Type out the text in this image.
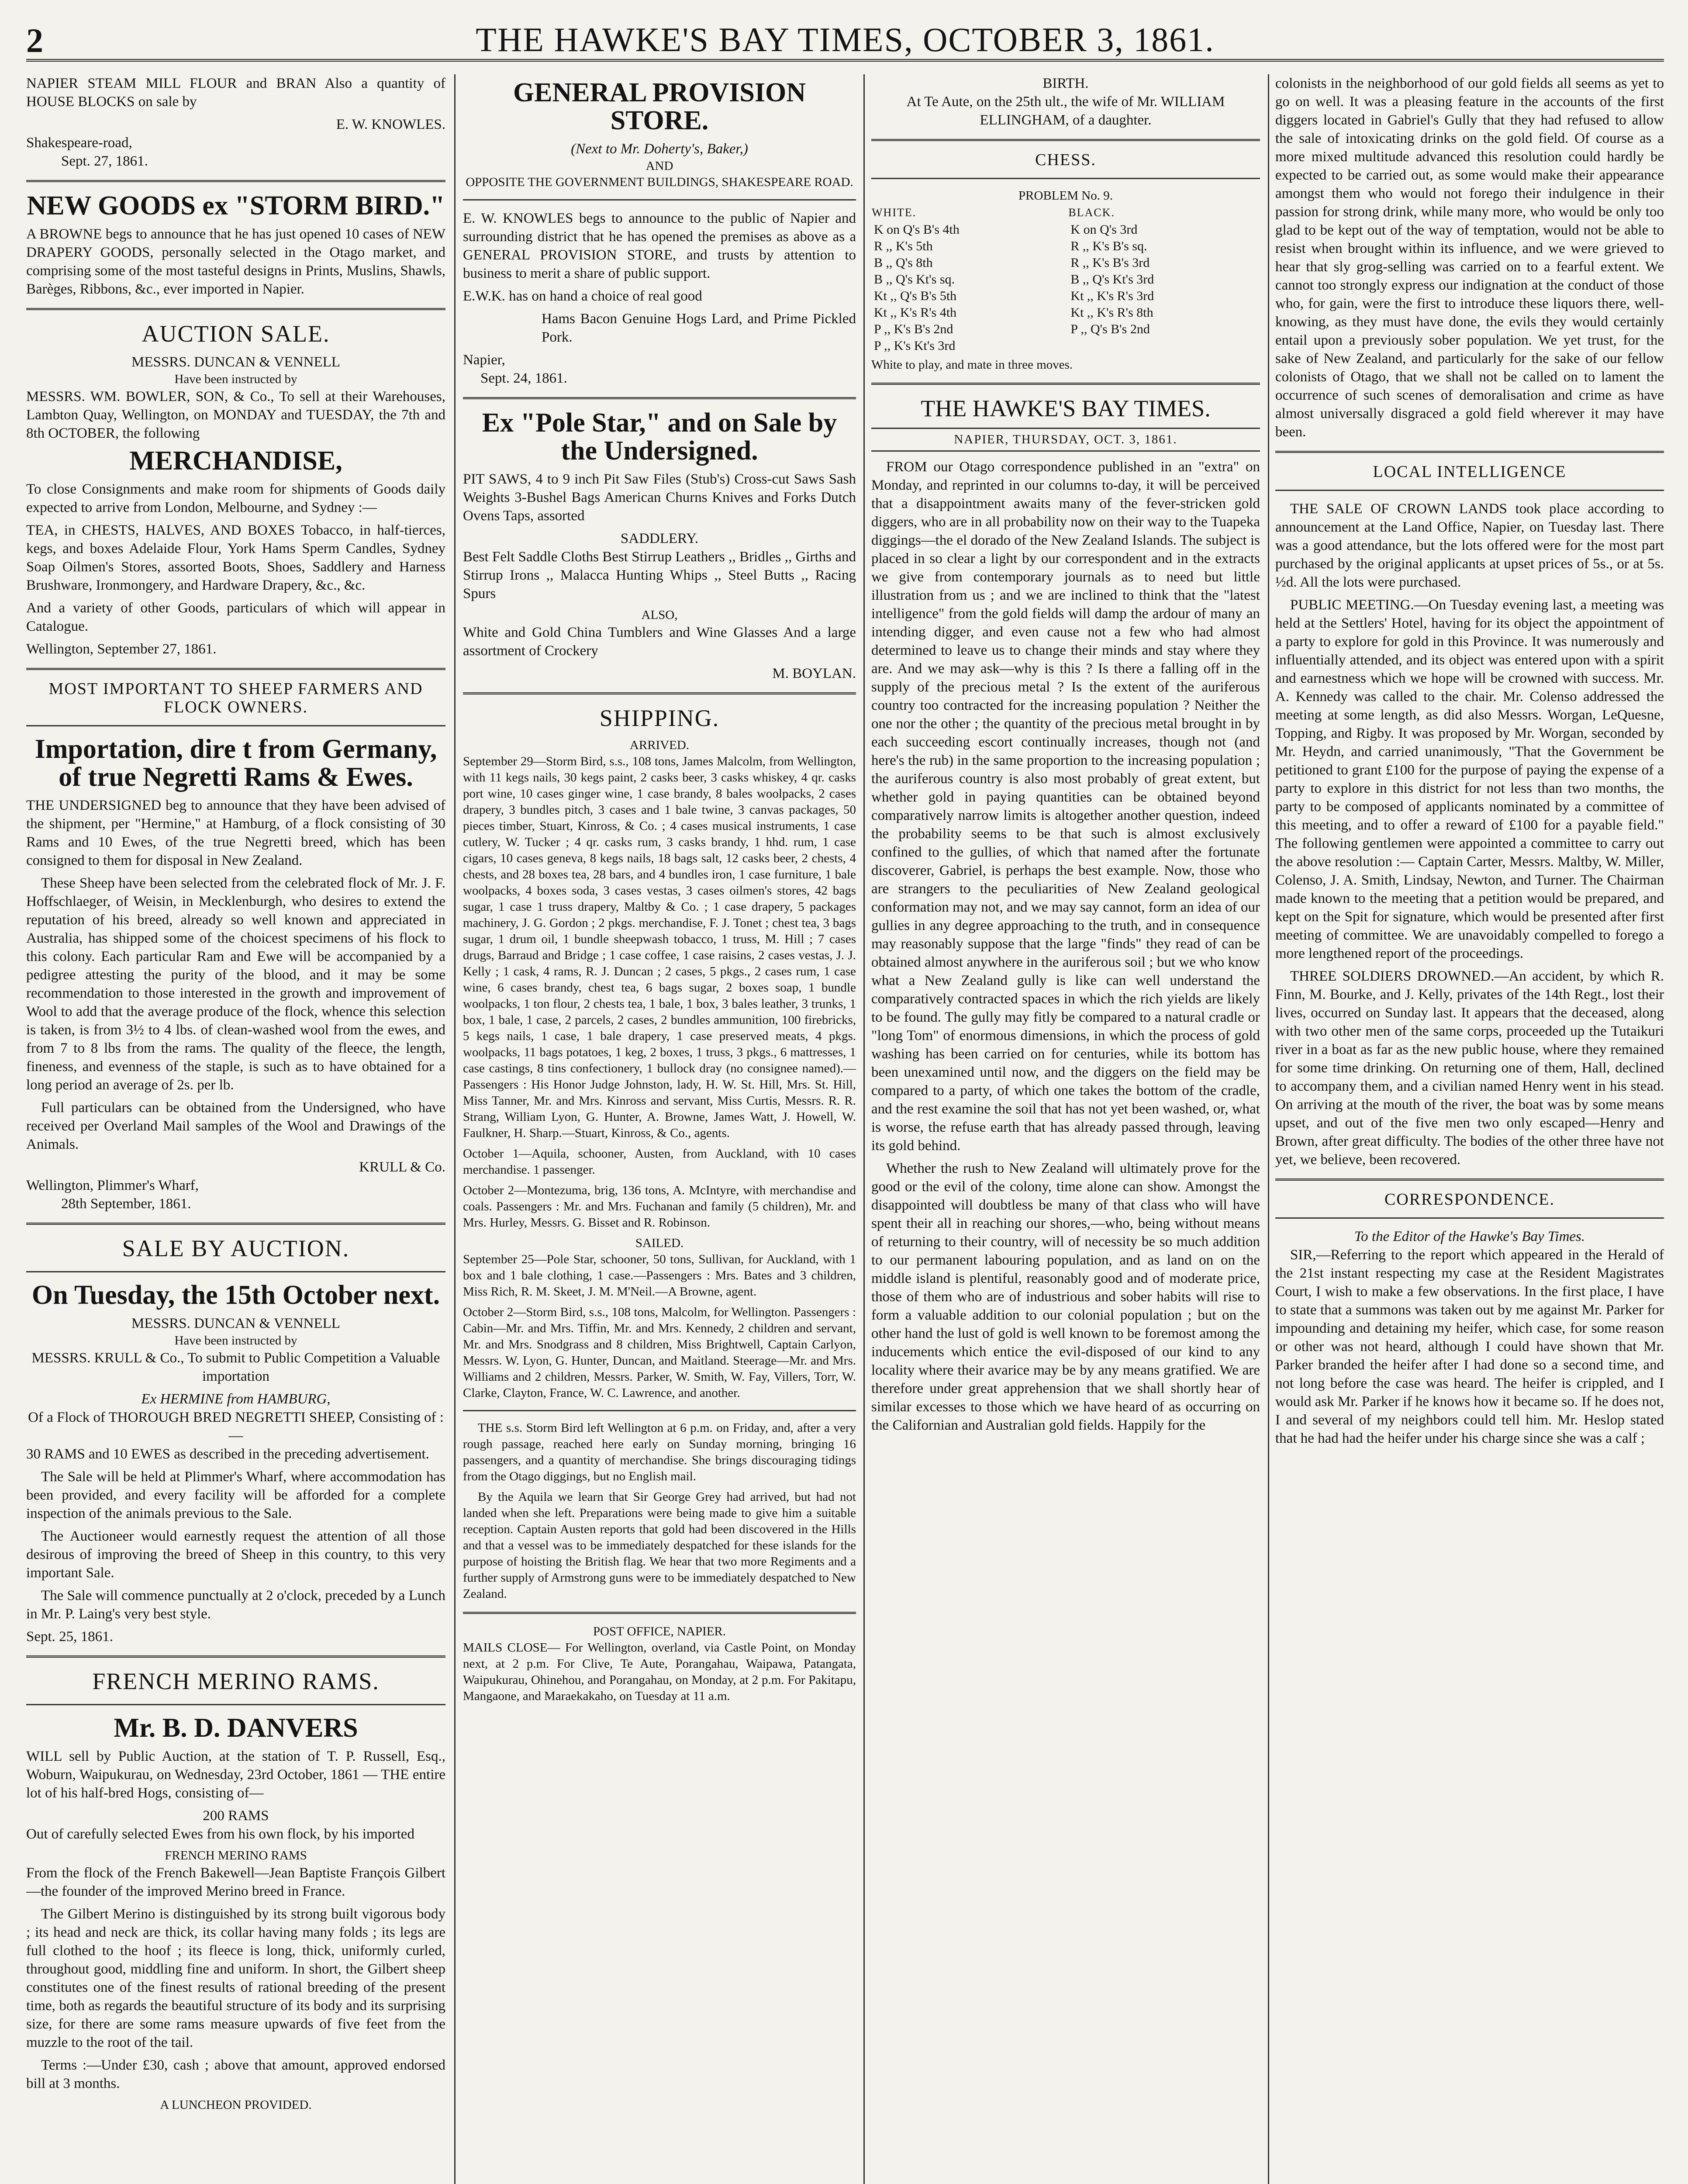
2	THE HAWKE'S BAY TIMES, OCTOBER 3, 1861.

NAPIER STEAM MILL FLOUR and BRAN Also a quantity of HOUSE BLOCKS on sale by

E. W. KNOWLES.
Shakespeare-road,
Sept. 27, 1861.
NEW GOODS ex "STORM BIRD."

A BROWNE begs to announce that he has just opened 10 cases of NEW DRAPERY GOODS, personally selected in the Otago market, and comprising some of the most tasteful designs in Prints, Muslins, Shawls, Barèges, Ribbons, &c., ever imported in Napier.

AUCTION SALE.
MESSRS. DUNCAN & VENNELL
Have been instructed by

MESSRS. WM. BOWLER, SON, & Co., To sell at their Warehouses, Lambton Quay, Wellington, on MONDAY and TUESDAY, the 7th and 8th OCTOBER, the following

MERCHANDISE,

To close Consignments and make room for shipments of Goods daily expected to arrive from London, Melbourne, and Sydney :—

TEA, in CHESTS, HALVES, AND BOXES Tobacco, in half-tierces, kegs, and boxes Adelaide Flour, York Hams Sperm Candles, Sydney Soap Oilmen's Stores, assorted Boots, Shoes, Saddlery and Harness Brushware, Ironmongery, and Hardware Drapery, &c., &c.

And a variety of other Goods, particulars of which will appear in Catalogue.

Wellington, September 27, 1861.
MOST IMPORTANT TO SHEEP FARMERS AND FLOCK OWNERS.
Importation, dire t from Germany, of true Negretti Rams & Ewes.

THE UNDERSIGNED beg to announce that they have been advised of the shipment, per "Hermine," at Hamburg, of a flock consisting of 30 Rams and 10 Ewes, of the true Negretti breed, which has been consigned to them for disposal in New Zealand.

These Sheep have been selected from the celebrated flock of Mr. J. F. Hoffschlaeger, of Weisin, in Mecklenburgh, who desires to extend the reputation of his breed, already so well known and appreciated in Australia, has shipped some of the choicest specimens of his flock to this colony. Each particular Ram and Ewe will be accompanied by a pedigree attesting the purity of the blood, and it may be some recommendation to those interested in the growth and improvement of Wool to add that the average produce of the flock, whence this selection is taken, is from 3½ to 4 lbs. of clean-washed wool from the ewes, and from 7 to 8 lbs from the rams. The quality of the fleece, the length, fineness, and evenness of the staple, is such as to have obtained for a long period an average of 2s. per lb.

Full particulars can be obtained from the Undersigned, who have received per Overland Mail samples of the Wool and Drawings of the Animals.

KRULL & Co.
Wellington, Plimmer's Wharf,
28th September, 1861.
SALE BY AUCTION.
On Tuesday, the 15th October next.
MESSRS. DUNCAN & VENNELL
Have been instructed by

MESSRS. KRULL & Co., To submit to Public Competition a Valuable importation

Ex HERMINE from HAMBURG,
Of a Flock of THOROUGH BRED NEGRETTI SHEEP, Consisting of :—

30 RAMS and 10 EWES as described in the preceding advertisement.

The Sale will be held at Plimmer's Wharf, where accommodation has been provided, and every facility will be afforded for a complete inspection of the animals previous to the Sale.

The Auctioneer would earnestly request the attention of all those desirous of improving the breed of Sheep in this country, to this very important Sale.

The Sale will commence punctually at 2 o'clock, preceded by a Lunch in Mr. P. Laing's very best style.

Sept. 25, 1861.
FRENCH MERINO RAMS.
Mr. B. D. DANVERS

WILL sell by Public Auction, at the station of T. P. Russell, Esq., Woburn, Waipukurau, on Wednesday, 23rd October, 1861 — THE entire lot of his half-bred Hogs, consisting of—

200 RAMS

Out of carefully selected Ewes from his own flock, by his imported

FRENCH MERINO RAMS

From the flock of the French Bakewell—Jean Baptiste François Gilbert—the founder of the improved Merino breed in France.

The Gilbert Merino is distinguished by its strong built vigorous body ; its head and neck are thick, its collar having many folds ; its legs are full clothed to the hoof ; its fleece is long, thick, uniformly curled, throughout good, middling fine and uniform. In short, the Gilbert sheep constitutes one of the finest results of rational breeding of the present time, both as regards the beautiful structure of its body and its surprising size, for there are some rams measure upwards of five feet from the muzzle to the root of the tail.

Terms :—Under £30, cash ; above that amount, approved endorsed bill at 3 months.

A LUNCHEON PROVIDED.
GENERAL PROVISION STORE.
(Next to Mr. Doherty's, Baker,)
AND
OPPOSITE THE GOVERNMENT BUILDINGS, SHAKESPEARE ROAD.

E. W. KNOWLES begs to announce to the public of Napier and surrounding district that he has opened the premises as above as a GENERAL PROVISION STORE, and trusts by attention to business to merit a share of public support.

E.W.K. has on hand a choice of real good

Hams Bacon Genuine Hogs Lard, and Prime Pickled Pork.

Napier,
Sept. 24, 1861.
Ex "Pole Star," and on Sale by the Undersigned.

PIT SAWS, 4 to 9 inch Pit Saw Files (Stub's) Cross-cut Saws Sash Weights 3-Bushel Bags American Churns Knives and Forks Dutch Ovens Taps, assorted

SADDLERY.

Best Felt Saddle Cloths Best Stirrup Leathers ,, Bridles ,, Girths and Stirrup Irons ,, Malacca Hunting Whips ,, Steel Butts ,, Racing Spurs

ALSO,

White and Gold China Tumblers and Wine Glasses And a large assortment of Crockery

M. BOYLAN.
SHIPPING.
ARRIVED.

September 29—Storm Bird, s.s., 108 tons, James Malcolm, from Wellington, with 11 kegs nails, 30 kegs paint, 2 casks beer, 3 casks whiskey, 4 qr. casks port wine, 10 cases ginger wine, 1 case brandy, 8 bales woolpacks, 2 cases drapery, 3 bundles pitch, 3 cases and 1 bale twine, 3 canvas packages, 50 pieces timber, Stuart, Kinross, & Co. ; 4 cases musical instruments, 1 case cutlery, W. Tucker ; 4 qr. casks rum, 3 casks brandy, 1 hhd. rum, 1 case cigars, 10 cases geneva, 8 kegs nails, 18 bags salt, 12 casks beer, 2 chests, 4 chests, and 28 boxes tea, 28 bars, and 4 bundles iron, 1 case furniture, 1 bale woolpacks, 4 boxes soda, 3 cases vestas, 3 cases oilmen's stores, 42 bags sugar, 1 case 1 truss drapery, Maltby & Co. ; 1 case drapery, 5 packages machinery, J. G. Gordon ; 2 pkgs. merchandise, F. J. Tonet ; chest tea, 3 bags sugar, 1 drum oil, 1 bundle sheepwash tobacco, 1 truss, M. Hill ; 7 cases drugs, Barraud and Bridge ; 1 case coffee, 1 case raisins, 2 cases vestas, J. J. Kelly ; 1 cask, 4 rams, R. J. Duncan ; 2 cases, 5 pkgs., 2 cases rum, 1 case wine, 6 cases brandy, chest tea, 6 bags sugar, 2 boxes soap, 1 bundle woolpacks, 1 ton flour, 2 chests tea, 1 bale, 1 box, 3 bales leather, 3 trunks, 1 box, 1 bale, 1 case, 2 parcels, 2 cases, 2 bundles ammunition, 100 firebricks, 5 kegs nails, 1 case, 1 bale drapery, 1 case preserved meats, 4 pkgs. woolpacks, 11 bags potatoes, 1 keg, 2 boxes, 1 truss, 3 pkgs., 6 mattresses, 1 case castings, 8 tins confectionery, 1 bullock dray (no consignee named).— Passengers : His Honor Judge Johnston, lady, H. W. St. Hill, Mrs. St. Hill, Miss Tanner, Mr. and Mrs. Kinross and servant, Miss Curtis, Messrs. R. R. Strang, William Lyon, G. Hunter, A. Browne, James Watt, J. Howell, W. Faulkner, H. Sharp.—Stuart, Kinross, & Co., agents.

October 1—Aquila, schooner, Austen, from Auckland, with 10 cases merchandise. 1 passenger.

October 2—Montezuma, brig, 136 tons, A. McIntyre, with merchandise and coals. Passengers : Mr. and Mrs. Fuchanan and family (5 children), Mr. and Mrs. Hurley, Messrs. G. Bisset and R. Robinson.

SAILED.

September 25—Pole Star, schooner, 50 tons, Sullivan, for Auckland, with 1 box and 1 bale clothing, 1 case.—Passengers : Mrs. Bates and 3 children, Miss Rich, R. M. Skeet, J. M. M'Neil.—A Browne, agent.

October 2—Storm Bird, s.s., 108 tons, Malcolm, for Wellington. Passengers : Cabin—Mr. and Mrs. Tiffin, Mr. and Mrs. Kennedy, 2 children and servant, Mr. and Mrs. Snodgrass and 8 children, Miss Brightwell, Captain Carlyon, Messrs. W. Lyon, G. Hunter, Duncan, and Maitland. Steerage—Mr. and Mrs. Williams and 2 children, Messrs. Parker, W. Smith, W. Fay, Villers, Torr, W. Clarke, Clayton, France, W. C. Lawrence, and another.

THE s.s. Storm Bird left Wellington at 6 p.m. on Friday, and, after a very rough passage, reached here early on Sunday morning, bringing 16 passengers, and a quantity of merchandise. She brings discouraging tidings from the Otago diggings, but no English mail.

By the Aquila we learn that Sir George Grey had arrived, but had not landed when she left. Preparations were being made to give him a suitable reception. Captain Austen reports that gold had been discovered in the Hills and that a vessel was to be immediately despatched for these islands for the purpose of hoisting the British flag. We hear that two more Regiments and a further supply of Armstrong guns were to be immediately despatched to New Zealand.

POST OFFICE, NAPIER.

MAILS CLOSE— For Wellington, overland, via Castle Point, on Monday next, at 2 p.m. For Clive, Te Aute, Porangahau, Waipawa, Patangata, Waipukurau, Ohinehou, and Porangahau, on Monday, at 2 p.m. For Pakitapu, Mangaone, and Maraekakaho, on Tuesday at 11 a.m.

BIRTH.

At Te Aute, on the 25th ult., the wife of Mr. WILLIAM ELLINGHAM, of a daughter.

CHESS.
PROBLEM No. 9.
WHITE.	BLACK.
K on Q's B's 4th	K on Q's 3rd
R ,, K's 5th	R ,, K's B's sq.
B ,, Q's 8th	R ,, K's B's 3rd
B ,, Q's Kt's sq.	B ,, Q's Kt's 3rd
Kt ,, Q's B's 5th	Kt ,, K's R's 3rd
Kt ,, K's R's 4th	Kt ,, K's R's 8th
P ,, K's B's 2nd	P ,, Q's B's 2nd
P ,, K's Kt's 3rd	
White to play, and mate in three moves.
THE HAWKE'S BAY TIMES.
NAPIER, THURSDAY, OCT. 3, 1861.

FROM our Otago correspondence published in an "extra" on Monday, and reprinted in our columns to-day, it will be perceived that a disappointment awaits many of the fever-stricken gold diggers, who are in all probability now on their way to the Tuapeka diggings—the el dorado of the New Zealand Islands. The subject is placed in so clear a light by our correspondent and in the extracts we give from contemporary journals as to need but little illustration from us ; and we are inclined to think that the "latest intelligence" from the gold fields will damp the ardour of many an intending digger, and even cause not a few who had almost determined to leave us to change their minds and stay where they are. And we may ask—why is this ? Is there a falling off in the supply of the precious metal ? Is the extent of the auriferous country too contracted for the increasing population ? Neither the one nor the other ; the quantity of the precious metal brought in by each succeeding escort continually increases, though not (and here's the rub) in the same proportion to the increasing population ; the auriferous country is also most probably of great extent, but whether gold in paying quantities can be obtained beyond comparatively narrow limits is altogether another question, indeed the probability seems to be that such is almost exclusively confined to the gullies, of which that named after the fortunate discoverer, Gabriel, is perhaps the best example. Now, those who are strangers to the peculiarities of New Zealand geological conformation may not, and we may say cannot, form an idea of our gullies in any degree approaching to the truth, and in consequence may reasonably suppose that the large "finds" they read of can be obtained almost anywhere in the auriferous soil ; but we who know what a New Zealand gully is like can well understand the comparatively contracted spaces in which the rich yields are likely to be found. The gully may fitly be compared to a natural cradle or "long Tom" of enormous dimensions, in which the process of gold washing has been carried on for centuries, while its bottom has been unexamined until now, and the diggers on the field may be compared to a party, of which one takes the bottom of the cradle, and the rest examine the soil that has not yet been washed, or, what is worse, the refuse earth that has already passed through, leaving its gold behind.

Whether the rush to New Zealand will ultimately prove for the good or the evil of the colony, time alone can show. Amongst the disappointed will doubtless be many of that class who will have spent their all in reaching our shores,—who, being without means of returning to their country, will of necessity be so much addition to our permanent labouring population, and as land on on the middle island is plentiful, reasonably good and of moderate price, those of them who are of industrious and sober habits will rise to form a valuable addition to our colonial population ; but on the other hand the lust of gold is well known to be foremost among the inducements which entice the evil-disposed of our kind to any locality where their avarice may be by any means gratified. We are therefore under great apprehension that we shall shortly hear of similar excesses to those which we have heard of as occurring on the Californian and Australian gold fields. Happily for the

colonists in the neighborhood of our gold fields all seems as yet to go on well. It was a pleasing feature in the accounts of the first diggers located in Gabriel's Gully that they had refused to allow the sale of intoxicating drinks on the gold field. Of course as a more mixed multitude advanced this resolution could hardly be expected to be carried out, as some would make their appearance amongst them who would not forego their indulgence in their passion for strong drink, while many more, who would be only too glad to be kept out of the way of temptation, would not be able to resist when brought within its influence, and we were grieved to hear that sly grog-selling was carried on to a fearful extent. We cannot too strongly express our indignation at the conduct of those who, for gain, were the first to introduce these liquors there, well-knowing, as they must have done, the evils they would certainly entail upon a previously sober population. We yet trust, for the sake of New Zealand, and particularly for the sake of our fellow colonists of Otago, that we shall not be called on to lament the occurrence of such scenes of demoralisation and crime as have almost universally disgraced a gold field wherever it may have been.

LOCAL INTELLIGENCE

THE SALE OF CROWN LANDS took place according to announcement at the Land Office, Napier, on Tuesday last. There was a good attendance, but the lots offered were for the most part purchased by the original applicants at upset prices of 5s., or at 5s. ½d. All the lots were purchased.

PUBLIC MEETING.—On Tuesday evening last, a meeting was held at the Settlers' Hotel, having for its object the appointment of a party to explore for gold in this Province. It was numerously and influentially attended, and its object was entered upon with a spirit and earnestness which we hope will be crowned with success. Mr. A. Kennedy was called to the chair. Mr. Colenso addressed the meeting at some length, as did also Messrs. Worgan, LeQuesne, Topping, and Rigby. It was proposed by Mr. Worgan, seconded by Mr. Heydn, and carried unanimously, "That the Government be petitioned to grant £100 for the purpose of paying the expense of a party to explore in this district for not less than two months, the party to be composed of applicants nominated by a committee of this meeting, and to offer a reward of £100 for a payable field." The following gentlemen were appointed a committee to carry out the above resolution :— Captain Carter, Messrs. Maltby, W. Miller, Colenso, J. A. Smith, Lindsay, Newton, and Turner. The Chairman made known to the meeting that a petition would be prepared, and kept on the Spit for signature, which would be presented after first meeting of committee. We are unavoidably compelled to forego a more lengthened report of the proceedings.

THREE SOLDIERS DROWNED.—An accident, by which R. Finn, M. Bourke, and J. Kelly, privates of the 14th Regt., lost their lives, occurred on Sunday last. It appears that the deceased, along with two other men of the same corps, proceeded up the Tutaikuri river in a boat as far as the new public house, where they remained for some time drinking. On returning one of them, Hall, declined to accompany them, and a civilian named Henry went in his stead. On arriving at the mouth of the river, the boat was by some means upset, and out of the five men two only escaped—Henry and Brown, after great difficulty. The bodies of the other three have not yet, we believe, been recovered.

CORRESPONDENCE.
To the Editor of the Hawke's Bay Times.

SIR,—Referring to the report which appeared in the Herald of the 21st instant respecting my case at the Resident Magistrates Court, I wish to make a few observations. In the first place, I have to state that a summons was taken out by me against Mr. Parker for impounding and detaining my heifer, which case, for some reason or other was not heard, although I could have shown that Mr. Parker branded the heifer after I had done so a second time, and not long before the case was heard. The heifer is crippled, and I would ask Mr. Parker if he knows how it became so. If he does not, I and several of my neighbors could tell him. Mr. Heslop stated that he had had the heifer under his charge since she was a calf ;
